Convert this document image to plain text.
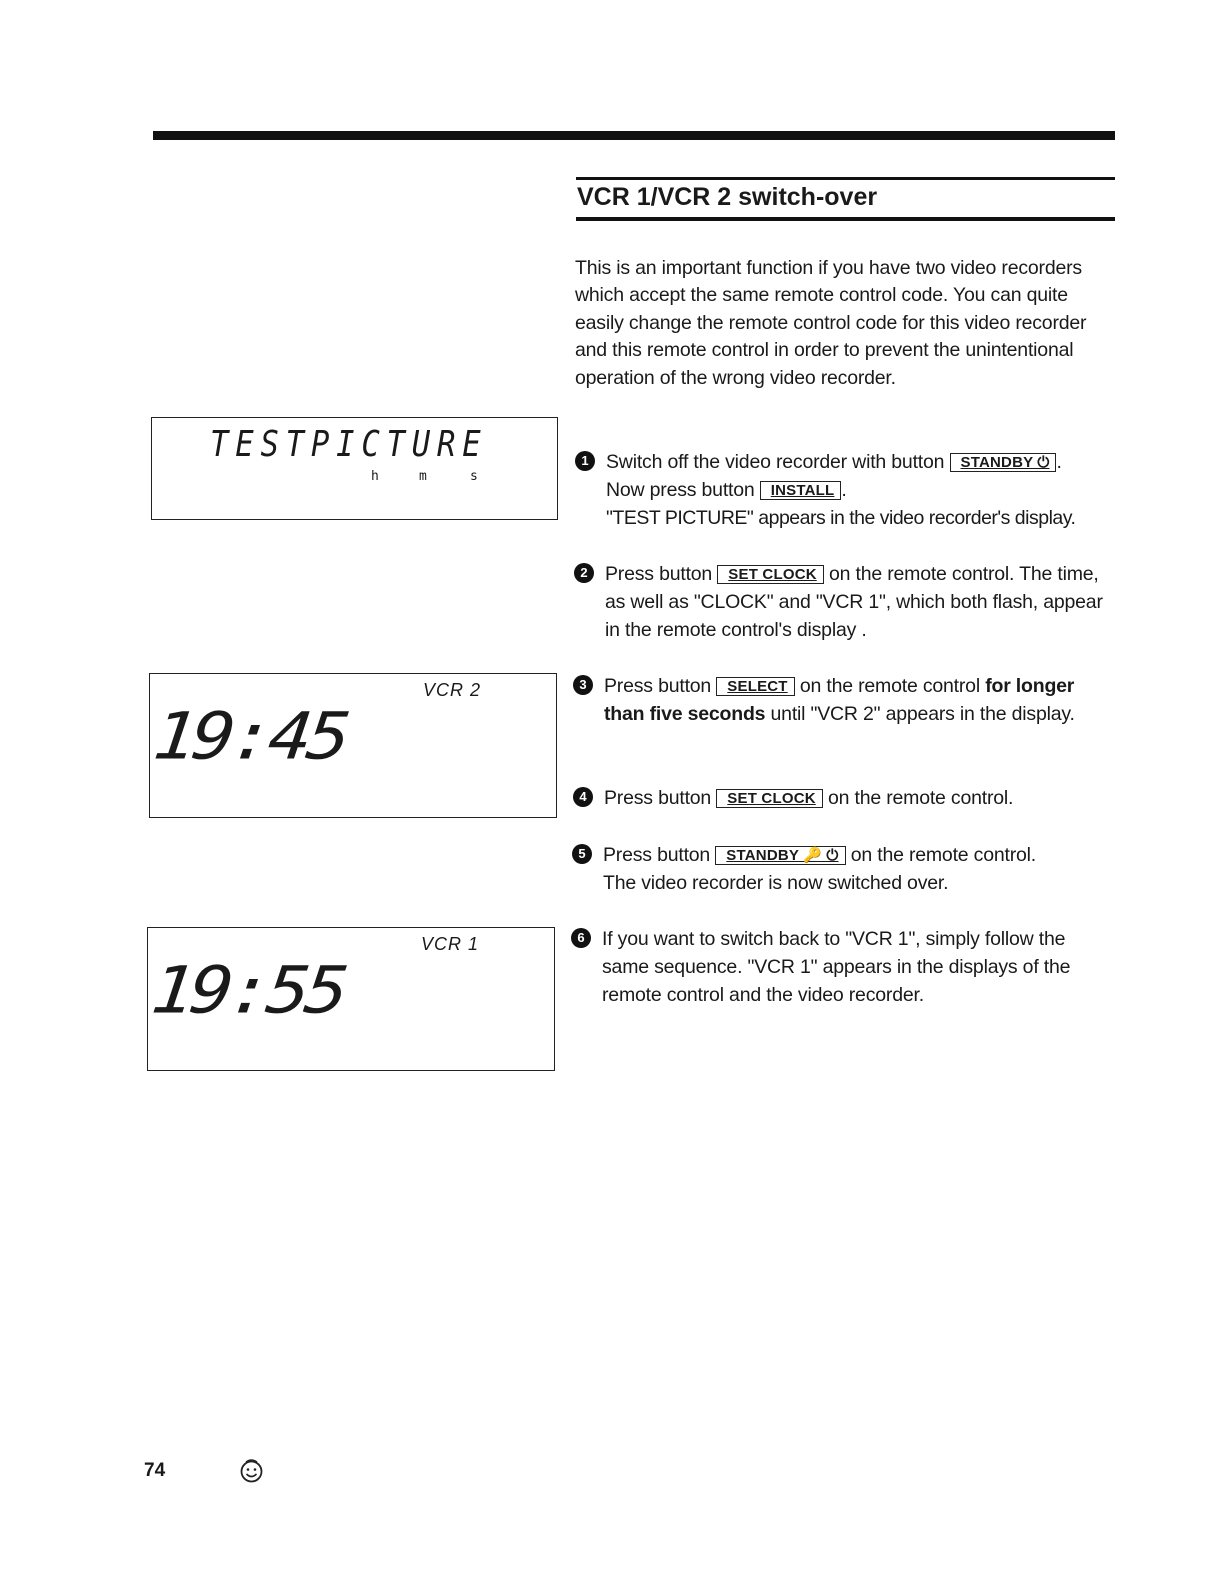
VCR 1/VCR 2 switch-over

This is an important function if you have two video recorders which accept the same remote control code. You can quite easily change the remote control code for this video recorder and this remote control in order to prevent the unintentional operation of the wrong video recorder.

TESTPICTURE
h	m	s
VCR 2
19:45
VCR 1
19:55
1 Switch off the video recorder with button STANDBY ⏻ .

Now press button INSTALL .

"TEST PICTURE" appears in the video recorder's display.

2 Press button SET CLOCK on the remote control. The time, as well as "CLOCK" and "VCR 1", which both flash, appear in the remote control's display .

3 Press button SELECT on the remote control for longer than five seconds until "VCR 2" appears in the display.

4 Press button SET CLOCK on the remote control.

5 Press button STANDBY 🔑 ⏻ on the remote control.

The video recorder is now switched over.

6 If you want to switch back to "VCR 1", simply follow the same sequence. "VCR 1" appears in the displays of the remote control and the video recorder.

74
